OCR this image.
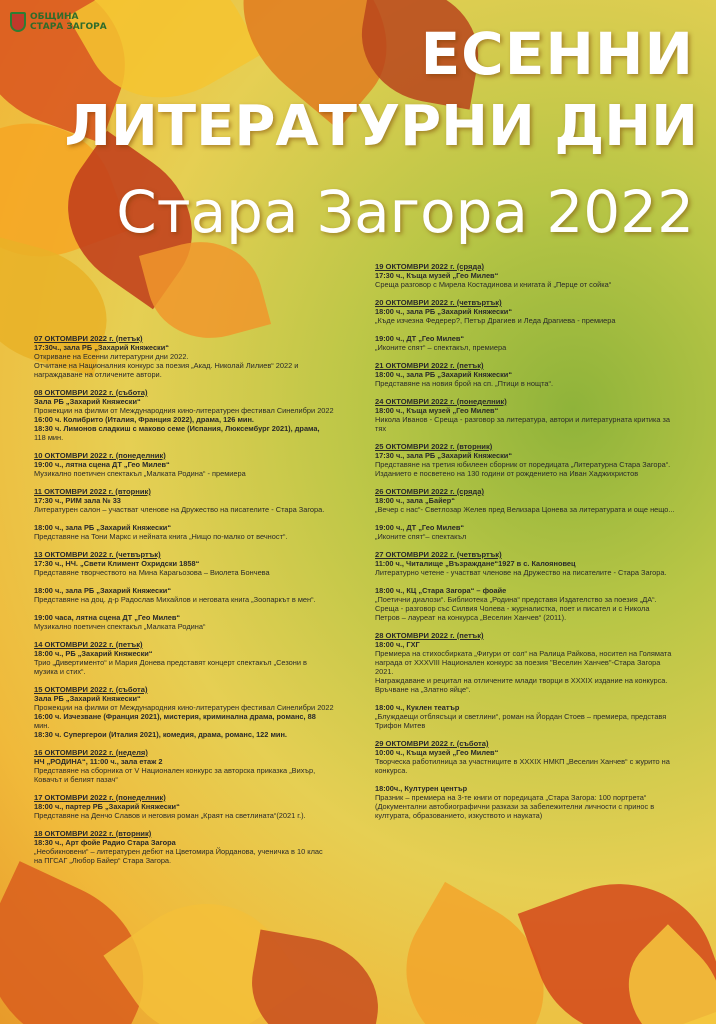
ОБЩИНА
СТАРА ЗАГОРА	ЕСЕННИ
ЛИТЕРАТУРНИ ДНИ
Стара Загора 2022
07 ОКТОМВРИ 2022 г. (петък)
17:30ч., зала РБ „Захарий Княжески“
Откриване на Есенни литературни дни 2022.
Отчитане на Националния конкурс за поезия „Акад. Николай Лилиев“ 2022 и
награждаване на отличените автори.
08 ОКТОМВРИ 2022 г. (събота)
Зала РБ „Захарий Княжески“
Прожекции на филми от Международния кино-литературен фестивал Синелибри 2022
16:00 ч. Колибрито (Италия, Франция 2022), драма, 126 мин.
18:30 ч. Лимонов сладкиш с маково семе (Испания, Люксембург 2021), драма,
118 мин.
10 ОКТОМВРИ 2022 г. (понеделник)
19:00 ч., лятна сцена ДТ „Гео Милев“
Музикално поетичен спектакъл „Малката Родина“ - премиера
11 ОКТОМВРИ 2022 г. (вторник)
17:30 ч., РИМ зала № 33
Литературен салон – участват членове на Дружество на писателите - Стара Загора.
18:00 ч., зала РБ „Захарий Княжески“
Представяне на Тони Маркс и нейната книга „Нищо по-малко от вечност“.
13 ОКТОМВРИ 2022 г. (четвъртък)
17:30 ч., НЧ. „Свети Климент Охридски 1858“
Представяне творчеството на Мина Карагьозова – Виолета Бончева
18:00 ч., зала РБ „Захарий Княжески“
Представяне на доц. д-р Радослав Михайлов и неговата книга „Зоопаркът в мен“.
19:00 часа, лятна сцена ДТ „Гео Милев“
Музикално поетичен спектакъл „Малката Родина“
14 ОКТОМВРИ 2022 г. (петък)
18:00 ч., РБ „Захарий Княжески“
Трио „Дивертименто“ и Мария Донева представят концерт спектакъл „Сезони в
музика и стих“.
15 ОКТОМВРИ 2022 г. (събота)
Зала РБ „Захарий Княжески“
Прожекции на филми от Международния кино-литературен фестивал Синелибри 2022
16:00 ч. Изчезване (Франция 2021), мистерия, криминална драма, романс, 88
мин.
18:30 ч. Супергерои (Италия 2021), комедия, драма, романс, 122 мин.
16 ОКТОМВРИ 2022 г. (неделя)
НЧ „РОДИНА“, 11:00 ч., зала етаж 2
Представяне на сборника от V Национален конкурс за авторска приказка „Вихър,
Ковачът и белият пазач“
17 ОКТОМВРИ 2022 г. (понеделник)
18:00 ч., партер РБ „Захарий Княжески“
Представяне на Денчо Славов и неговия роман „Краят на светлината“(2021 г.).
18 ОКТОМВРИ 2022 г. (вторник)
18:30 ч., Арт фойе Радио Стара Загора
„Необикновени“ – литературен дебют на Цветомира Йорданова, ученичка в 10 клас
на ПГСАГ „Любор Байер“ Стара Загора.
19 ОКТОМВРИ 2022 г. (сряда)
17:30 ч., Къща музей „Гео Милев“
Среща разговор с Мирела Костадинова и книгата й „Перце от сойка“
20 ОКТОМВРИ 2022 г. (четвъртък)
18:00 ч., зала РБ „Захарий Княжески“
„Къде изчезна Федерер?, Петър Драгиев и Леда Драгиева - премиера
19:00 ч., ДТ „Гео Милев“
„Иконите спят“ – спектакъл, премиера
21 ОКТОМВРИ 2022 г. (петък)
18:00 ч., зала РБ „Захарий Княжески“
Представяне на новия брой на сп. „Птици в нощта“.
24 ОКТОМВРИ 2022 г. (понеделник)
18:00 ч., Къща музей „Гео Милев“
Никола Иванов - Среща - разговор за литература, автори и литературната критика за
тях
25 ОКТОМВРИ 2022 г. (вторник)
17:30 ч., зала РБ „Захарий Княжески“
Представяне на третия юбилеен сборник от поредицата „Литературна Стара Загора“.
Изданието е посветено на 130 години от рождението на Иван Хаджихристов
26 ОКТОМВРИ 2022 г. (сряда)
18:00 ч., зала „Байер“
„Вечер с нас“- Светлозар Желев пред Велизара Цонева за литературата и още нещо...
19:00 ч., ДТ „Гео Милев“
„Иконите спят“– спектакъл
27 ОКТОМВРИ 2022 г. (четвъртък)
11:00 ч., Читалище „Възраждане“1927 в с. Калояновец
Литературно четене - участват членове на Дружество на писателите - Стара Загора.
18:00 ч., КЦ „Стара Загора“ – фоайе
„Поетични диалози“. Библиотека „Родина“ представя Издателство за поезия „ДА“.
Среща - разговор със Силвия Чолева - журналистка, поет и писател и с Никола
Петров – лауреат на конкурса „Веселин Ханчев“ (2011).
28 ОКТОМВРИ 2022 г. (петък)
18:00 ч., ГХГ
Премиера на стихосбирката „Фигури от сол“ на Ралица Райкова, носител на Голямата
награда от XXXVIII Национален конкурс за поезия "Веселин Ханчев"-Стара Загора
2021.
Награждаване и рецитал на отличените млади творци в XXXIX издание на конкурса.
Връчване на „Златно яйце“.
18:00 ч., Куклен театър
„Блуждаещи отблясъци и светлини“, роман на Йордан Стоев – премиера, представя
Трифон Митев
29 ОКТОМВРИ 2022 г. (събота)
10:00 ч., Къща музей „Гео Милев“
Творческа работилница за участниците в XXXIX НМКП „Веселин Ханчев“ с журито на
конкурса.
18:00ч., Културен център
Празник – премиера на 3-те книги от поредицата „Стара Загора: 100 портрета“
(Документални автобиографични разкази за забележителни личности с принос в
културата, образованието, изкуството и науката)
